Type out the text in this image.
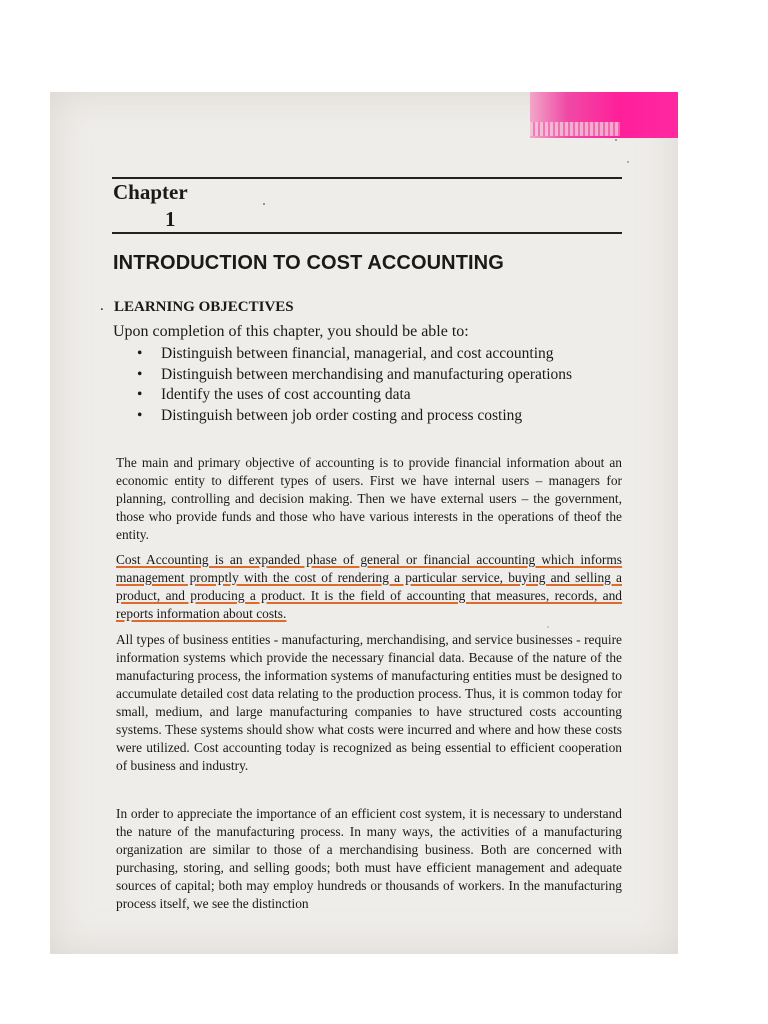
Chapter
1
INTRODUCTION TO COST ACCOUNTING
. LEARNING OBJECTIVES
Upon completion of this chapter, you should be able to:
•	Distinguish between financial, managerial, and cost accounting
•	Distinguish between merchandising and manufacturing operations
•	Identify the uses of cost accounting data
•	Distinguish between job order costing and process costing

The main and primary objective of accounting is to provide financial information about an economic entity to different types of users. First we have internal users – managers for planning, controlling and decision making. Then we have external users – the government, those who provide funds and those who have various interests in the operations of theof the entity.

Cost Accounting is an expanded phase of general or financial accounting which informs management promptly with the cost of rendering a particular service, buying and selling a product, and producing a product. It is the field of accounting that measures, records, and reports information about costs.

All types of business entities - manufacturing, merchandising, and service businesses - require information systems which provide the necessary financial data. Because of the nature of the manufacturing process, the information systems of manufacturing entities must be designed to accumulate detailed cost data relating to the production process. Thus, it is common today for small, medium, and large manufacturing companies to have structured costs accounting systems. These systems should show what costs were incurred and where and how these costs were utilized. Cost accounting today is recognized as being essential to efficient cooperation of business and industry.

In order to appreciate the importance of an efficient cost system, it is necessary to understand the nature of the manufacturing process. In many ways, the activities of a manufacturing organization are similar to those of a merchandising business. Both are concerned with purchasing, storing, and selling goods; both must have efficient management and adequate sources of capital; both may employ hundreds or thousands of workers. In the manufacturing process itself, we see the distinction
